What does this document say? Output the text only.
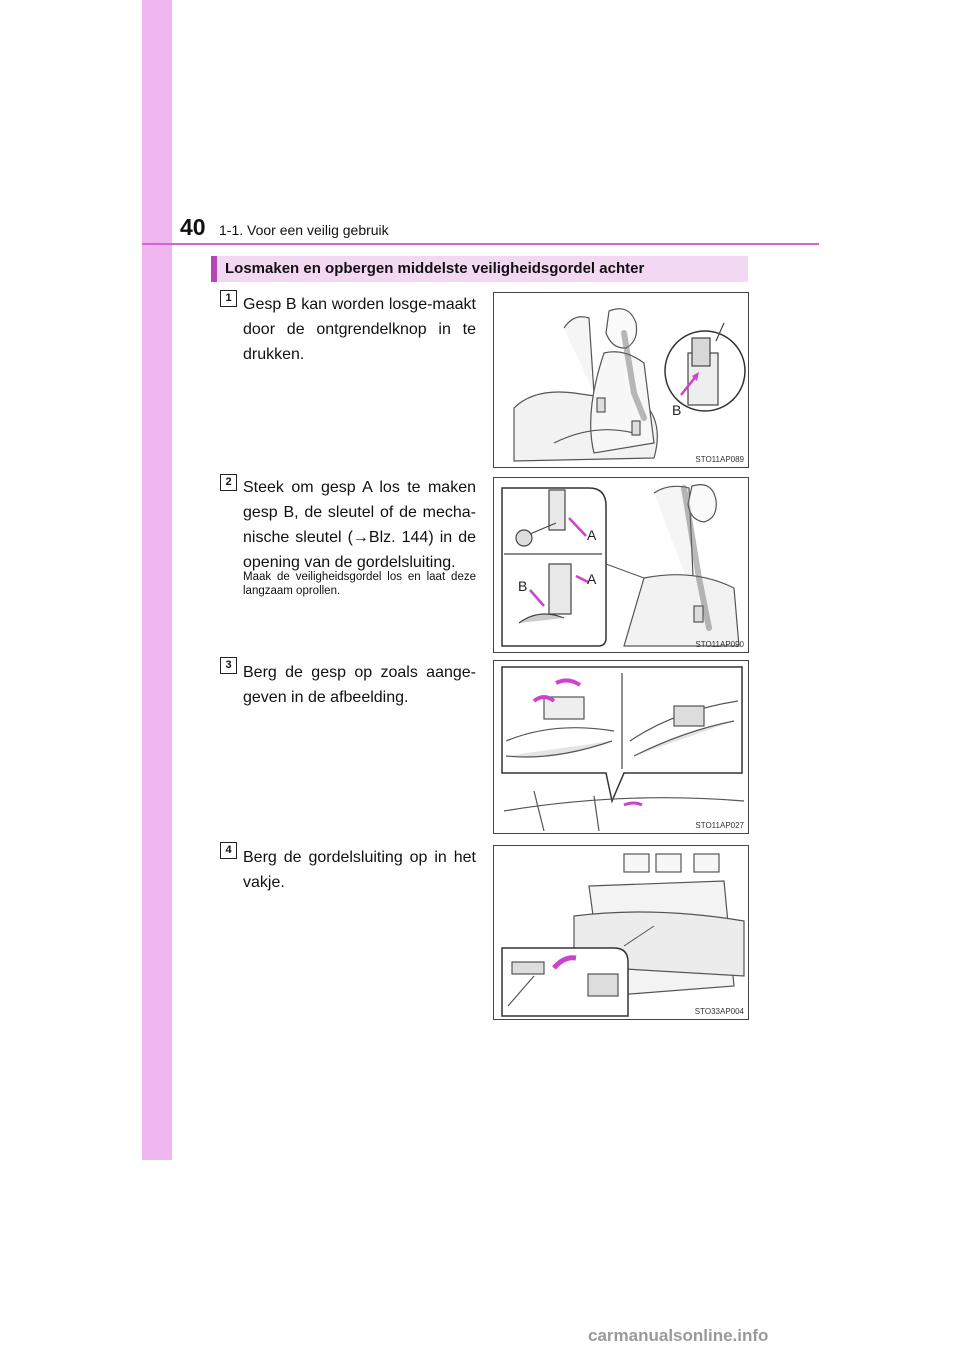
40 1-1. Voor een veilig gebruik
Losmaken en opbergen middelste veiligheidsgordel achter
1 Gesp B kan worden losge-maakt door de ontgrendelknop in te drukken.
B
STO11AP089
2 Steek om gesp A los te maken gesp B, de sleutel of de mecha-nische sleutel (→Blz. 144) in de opening van de gordelsluiting.
Maak de veiligheidsgordel los en laat deze langzaam oprollen.
A
B	A
STO11AP090
3 Berg de gesp op zoals aange-geven in de afbeelding.
STO11AP027
4 Berg de gordelsluiting op in het vakje.
STO33AP004
carmanualsonline.info
